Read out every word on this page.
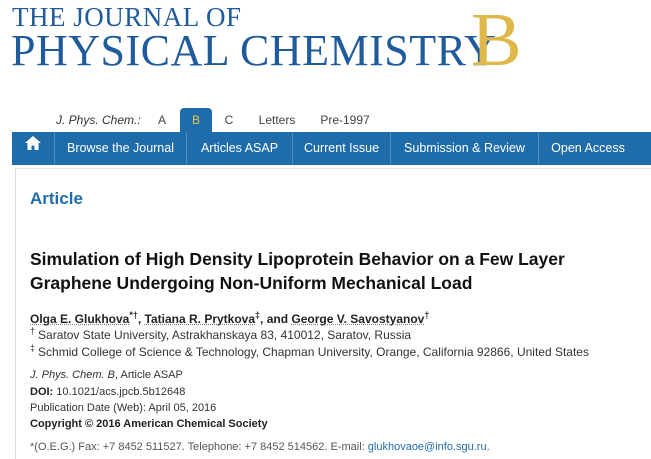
THE JOURNAL OF
PHYSICAL CHEMISTRY
B
J. Phys. Chem.:	A	B	C	Letters	Pre-1997
Browse the Journal	Articles ASAP	Current Issue	Submission & Review	Open Access
Article
Simulation of High Density Lipoprotein Behavior on a Few Layer
Graphene Undergoing Non-Uniform Mechanical Load
Olga E. Glukhova*†, Tatiana R. Prytkova‡, and George V. Savostyanov†
† Saratov State University, Astrakhanskaya 83, 410012, Saratov, Russia
‡ Schmid College of Science & Technology, Chapman University, Orange, California 92866, United States
J. Phys. Chem. B, Article ASAP
DOI: 10.1021/acs.jpcb.5b12648
Publication Date (Web): April 05, 2016
Copyright © 2016 American Chemical Society
*(O.E.G.) Fax: +7 8452 511527. Telephone: +7 8452 514562. E-mail: glukhovaoe@info.sgu.ru.
